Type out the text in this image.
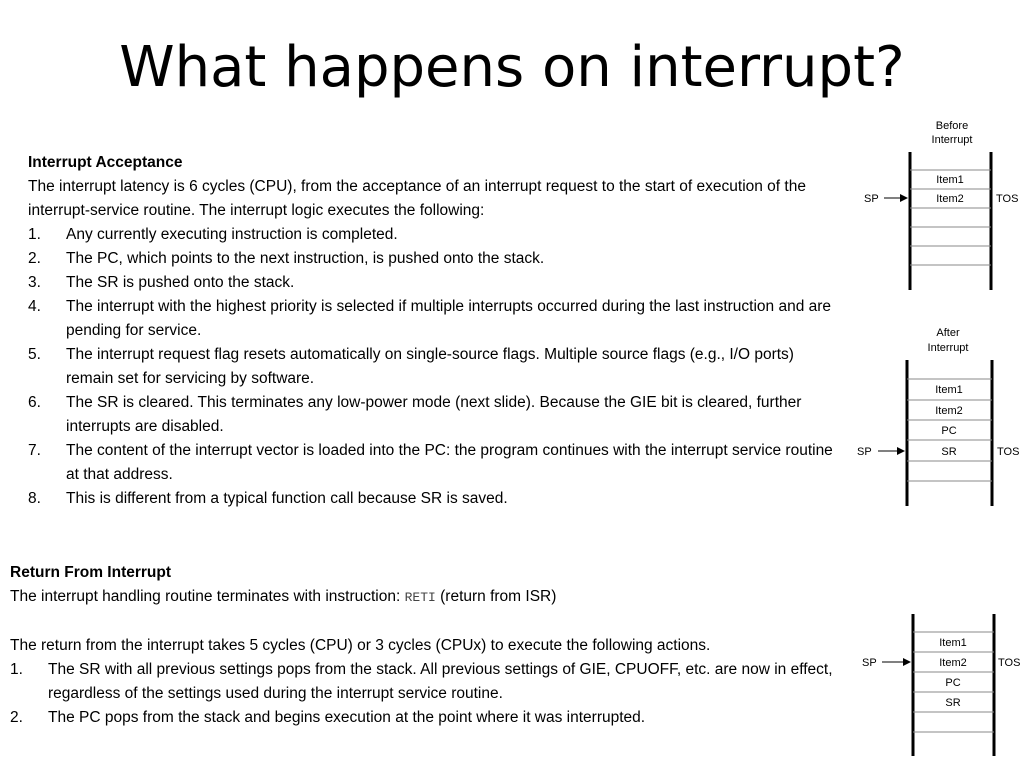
What happens on interrupt?

Interrupt Acceptance

The interrupt latency is 6 cycles (CPU), from the acceptance of an interrupt request to the start of execution of the interrupt-service routine. The interrupt logic executes the following:

1. Any currently executing instruction is completed.
2. The PC, which points to the next instruction, is pushed onto the stack.
3. The SR is pushed onto the stack.
4. The interrupt with the highest priority is selected if multiple interrupts occurred during the last instruction and are pending for service.
5. The interrupt request flag resets automatically on single-source flags. Multiple source flags (e.g., I/O ports) remain set for servicing by software.
6. The SR is cleared. This terminates any low-power mode (next slide). Because the GIE bit is cleared, further interrupts are disabled.
7. The content of the interrupt vector is loaded into the PC: the program continues with the interrupt service routine at that address.
8. This is different from a typical function call because SR is saved.

Return From Interrupt

The interrupt handling routine terminates with instruction: RETI (return from ISR)

The return from the interrupt takes 5 cycles (CPU) or 3 cycles (CPUx) to execute the following actions.

1. The SR with all previous settings pops from the stack. All previous settings of GIE, CPUOFF, etc. are now in effect, regardless of the settings used during the interrupt service routine.
2. The PC pops from the stack and begins execution at the point where it was interrupted.
Before
Interrupt
Item1
Item2
SP	TOS
After
Interrupt
Item1
Item2
PC
SR
SP	TOS
Item1
Item2
PC
SR
SP	TOS
